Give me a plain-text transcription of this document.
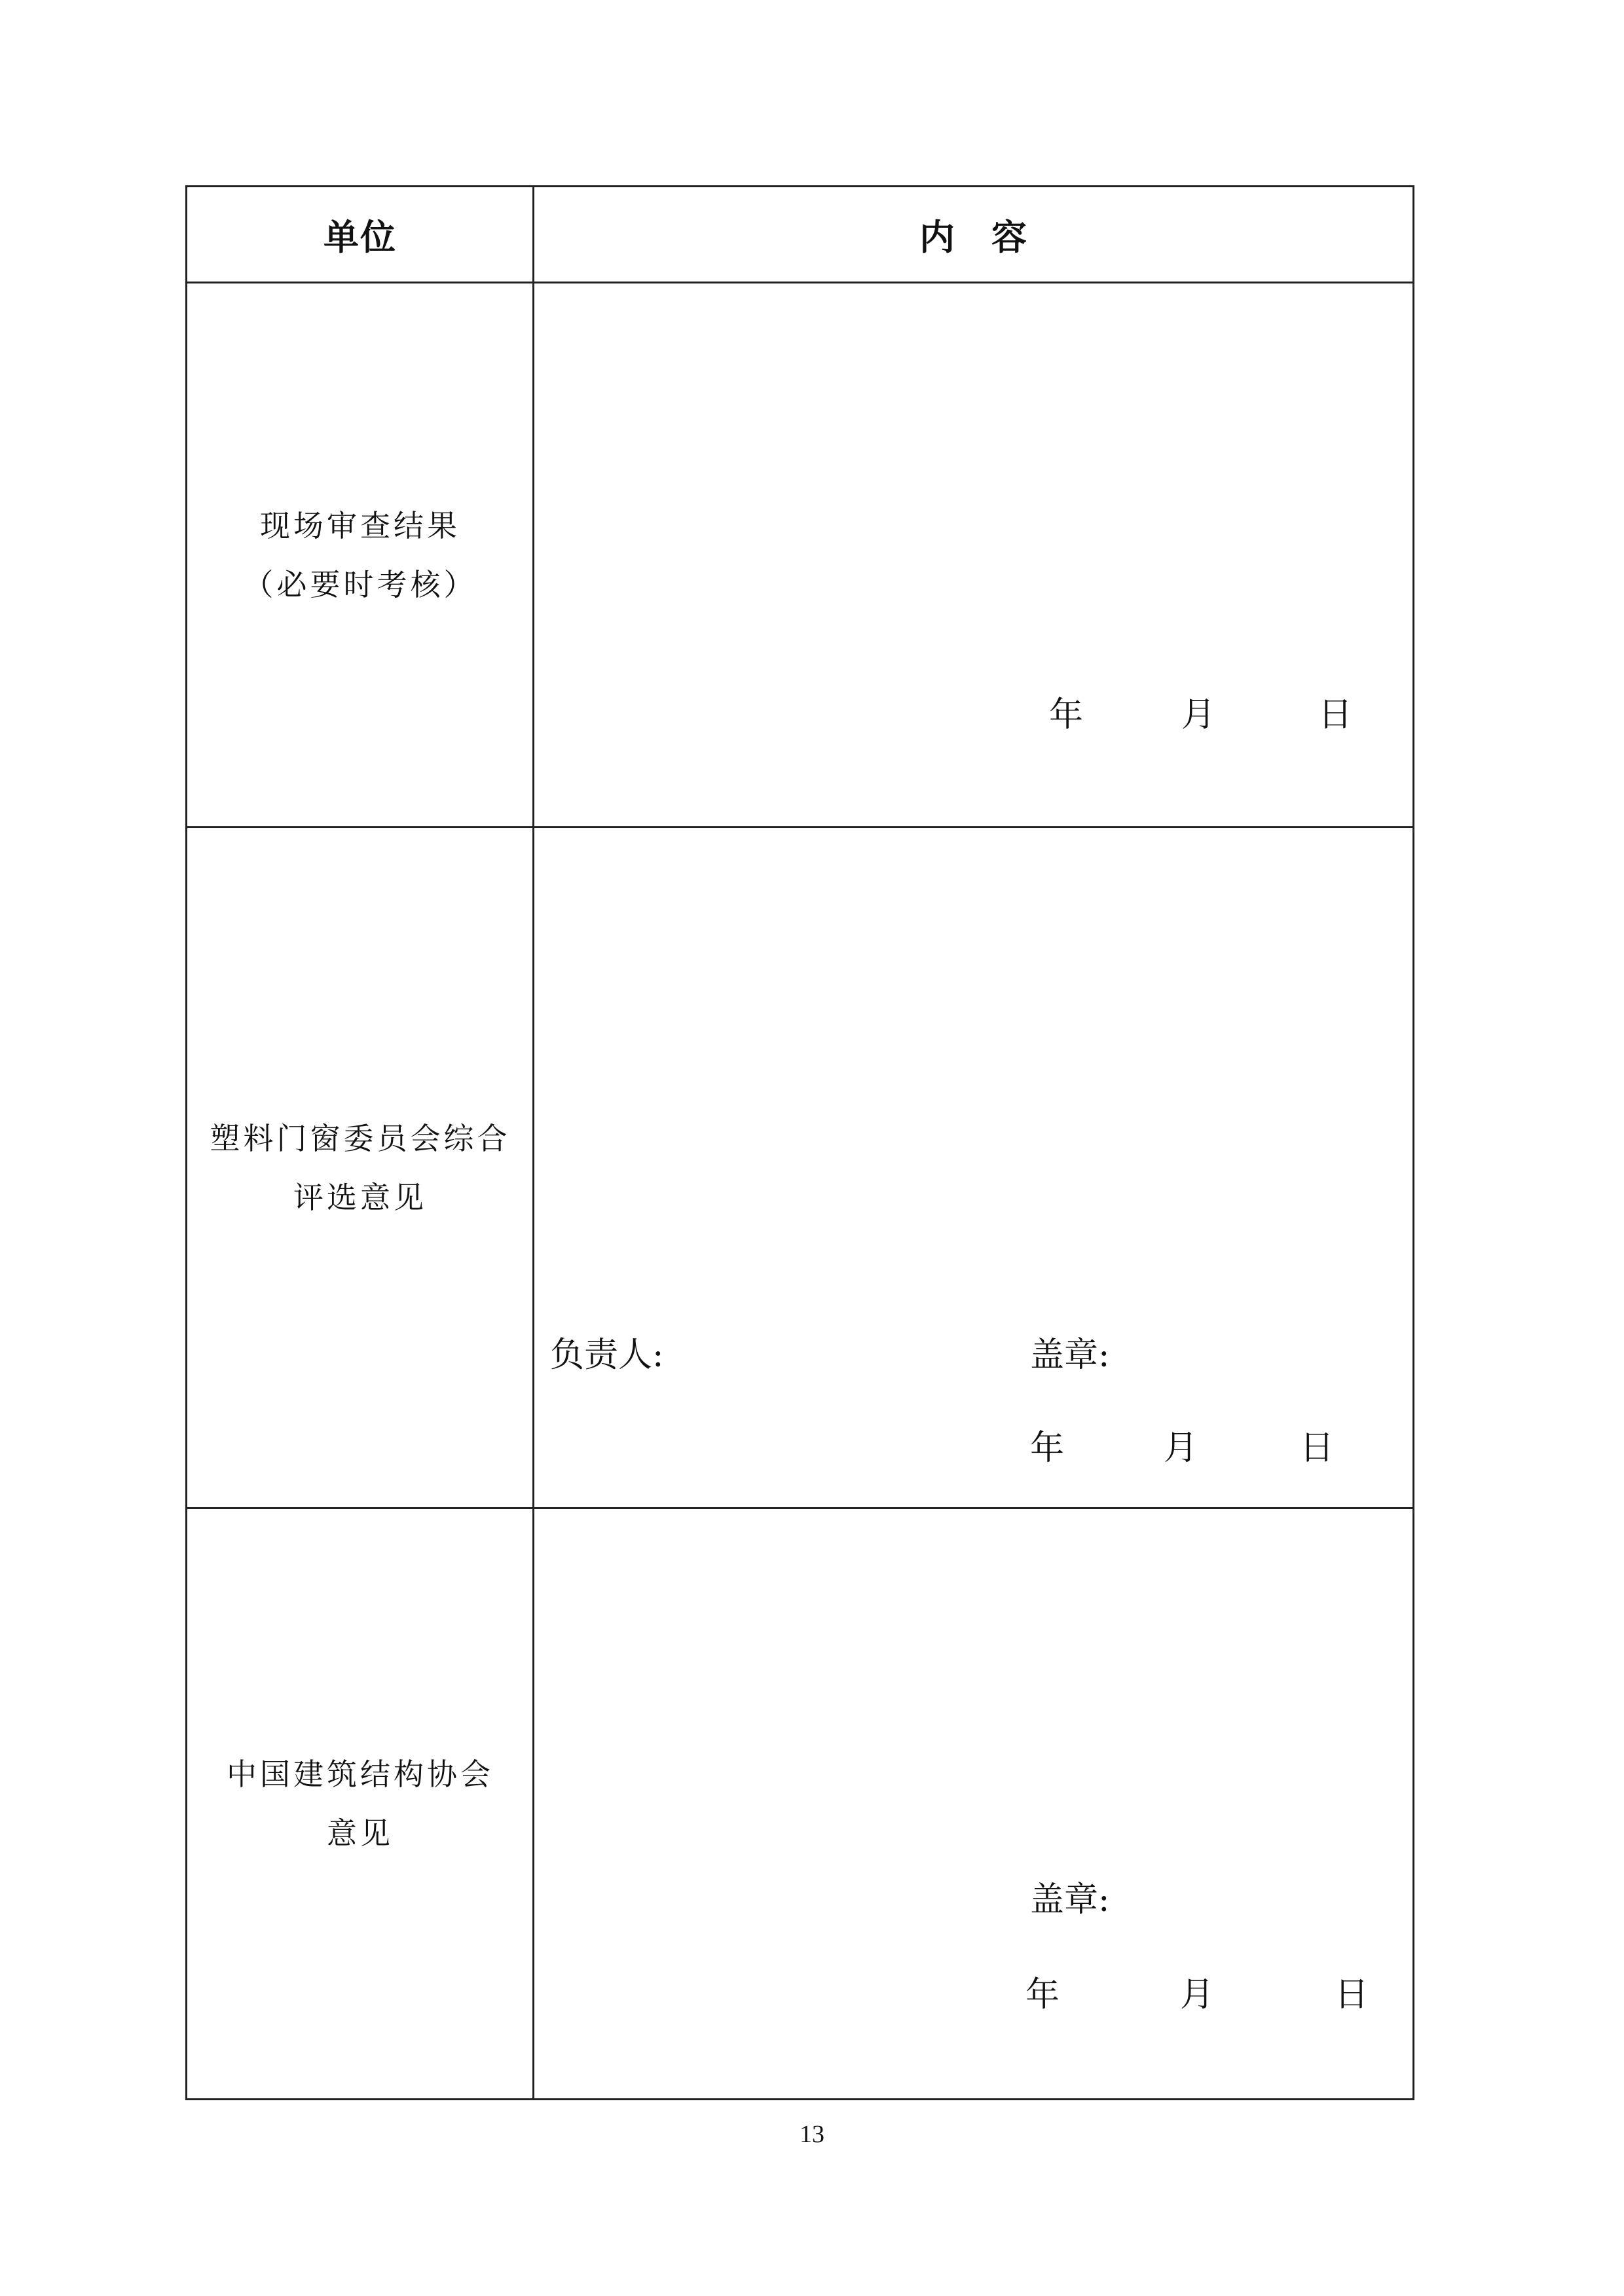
单位	内容
现场审查结果
（必要时考核）
年	月	日
塑料门窗委员会综合
评选意见
负责人:	盖章:
年	月	日
中国建筑结构协会
意见
盖章:
年	月	日
13
